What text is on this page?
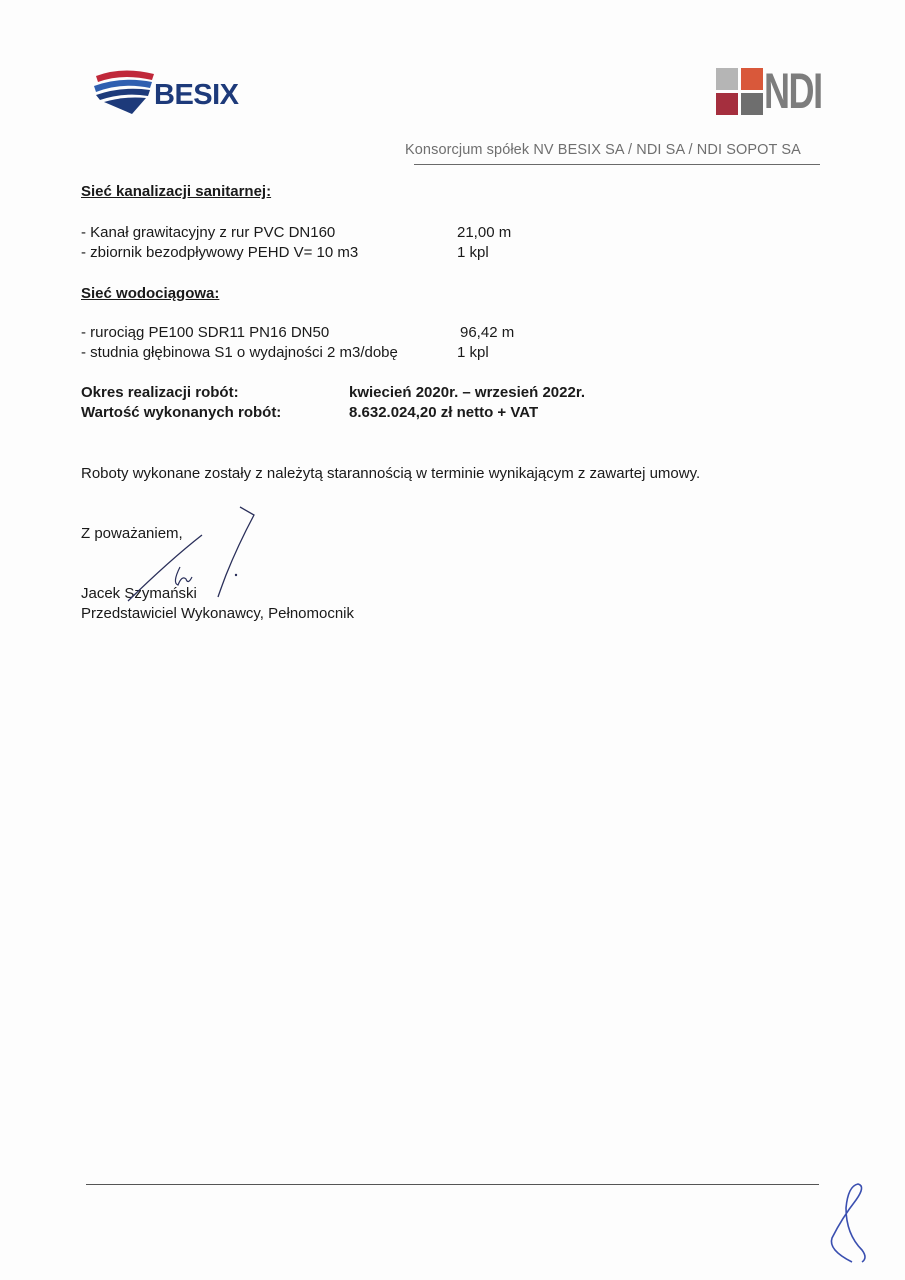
BESIX	NDI
Konsorcjum spółek NV BESIX SA / NDI SA / NDI SOPOT SA
Sieć kanalizacji sanitarnej:
- Kanał grawitacyjny z rur PVC DN160	21,00 m
- zbiornik bezodpływowy PEHD V= 10 m3	1 kpl
Sieć wodociągowa:
- rurociąg PE100 SDR11 PN16 DN50	96,42 m
- studnia głębinowa S1 o wydajności 2 m3/dobę	1 kpl
Okres realizacji robót:	kwiecień 2020r. – wrzesień 2022r.
Wartość wykonanych robót:	8.632.024,20 zł netto + VAT
Roboty wykonane zostały z należytą starannością w terminie wynikającym z zawartej umowy.
Z poważaniem,
Jacek Szymański
Przedstawiciel Wykonawcy, Pełnomocnik
